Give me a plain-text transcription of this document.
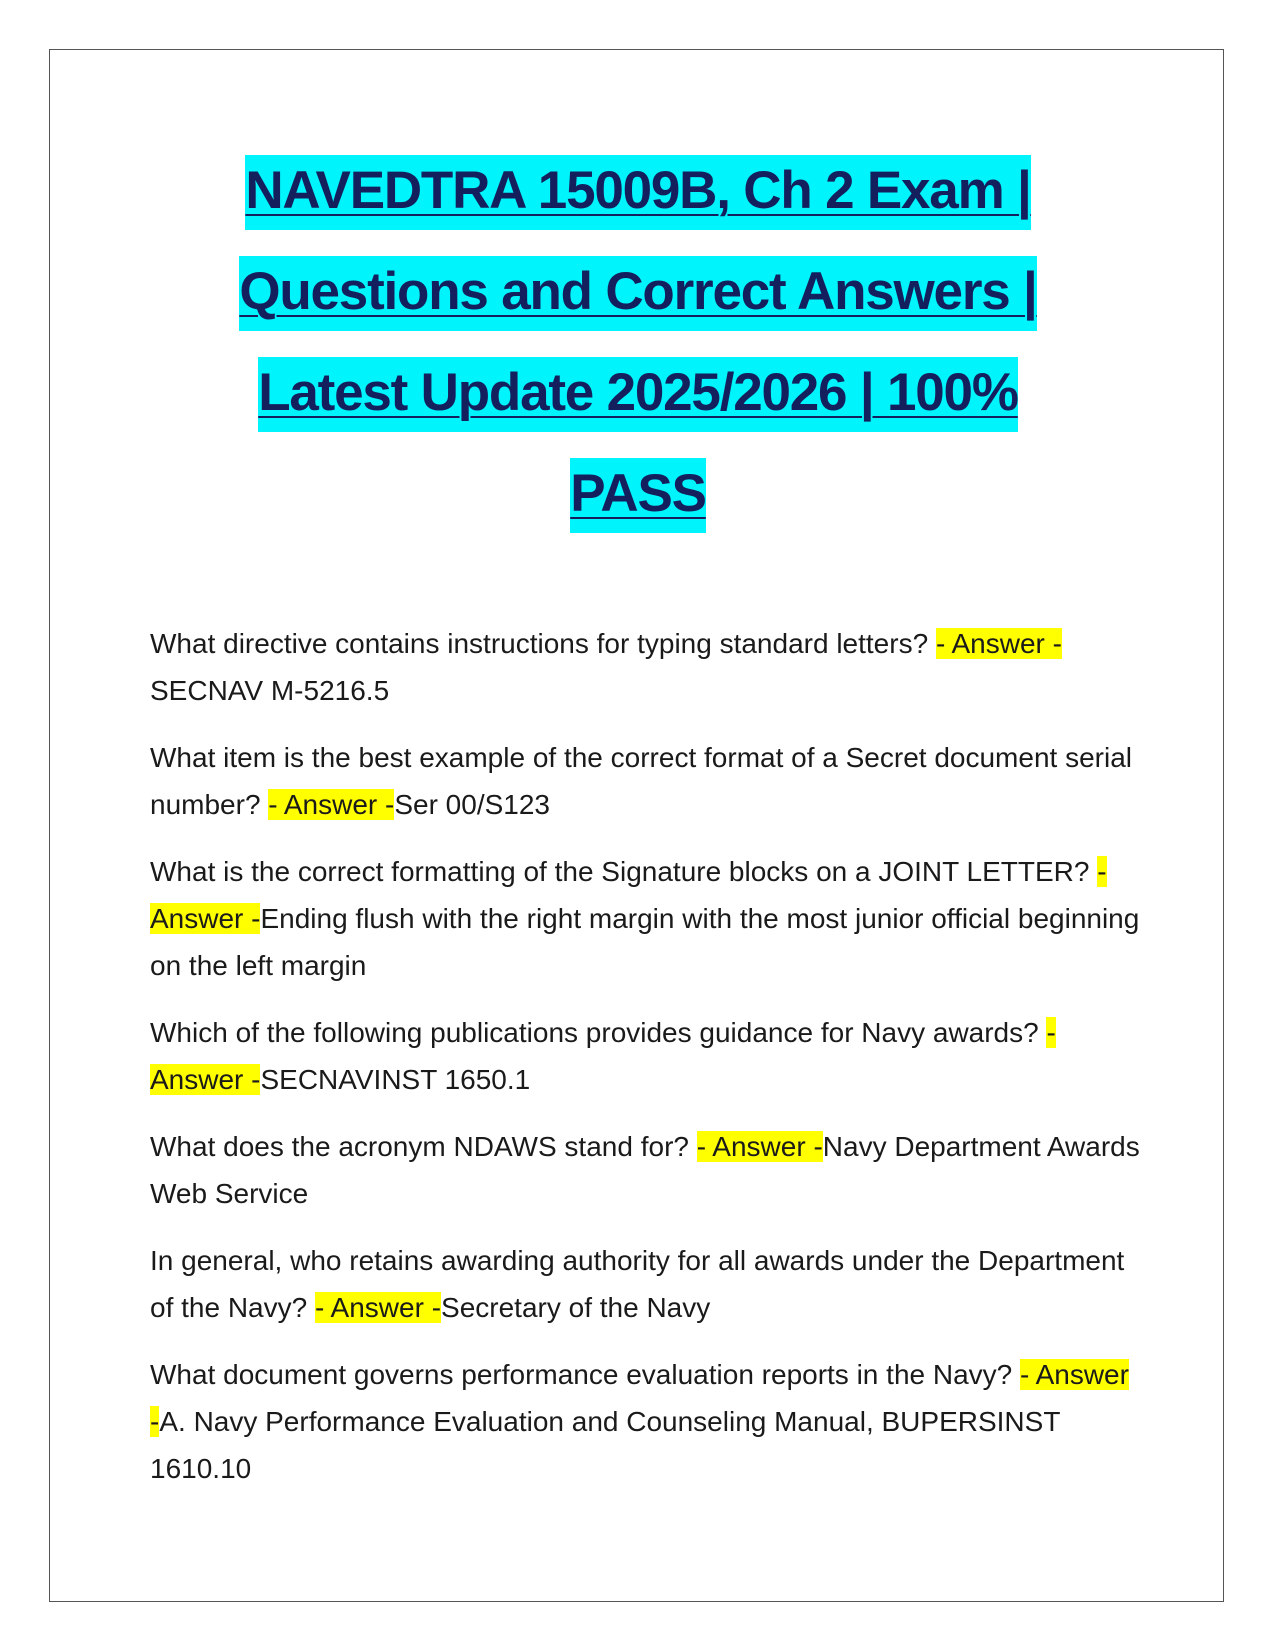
NAVEDTRA 15009B, Ch 2 Exam |
Questions and Correct Answers |
Latest Update 2025/2026 | 100%
PASS

What directive contains instructions for typing standard letters? - Answer -SECNAV M-5216.5

What item is the best example of the correct format of a Secret document serial number? - Answer -Ser 00/S123

What is the correct formatting of the Signature blocks on a JOINT LETTER? - Answer -Ending flush with the right margin with the most junior official beginning on the left margin

Which of the following publications provides guidance for Navy awards? - Answer -SECNAVINST 1650.1

What does the acronym NDAWS stand for? - Answer -Navy Department Awards Web Service

In general, who retains awarding authority for all awards under the Department of the Navy? - Answer -Secretary of the Navy

What document governs performance evaluation reports in the Navy? - Answer -A. Navy Performance Evaluation and Counseling Manual, BUPERSINST 1610.10
